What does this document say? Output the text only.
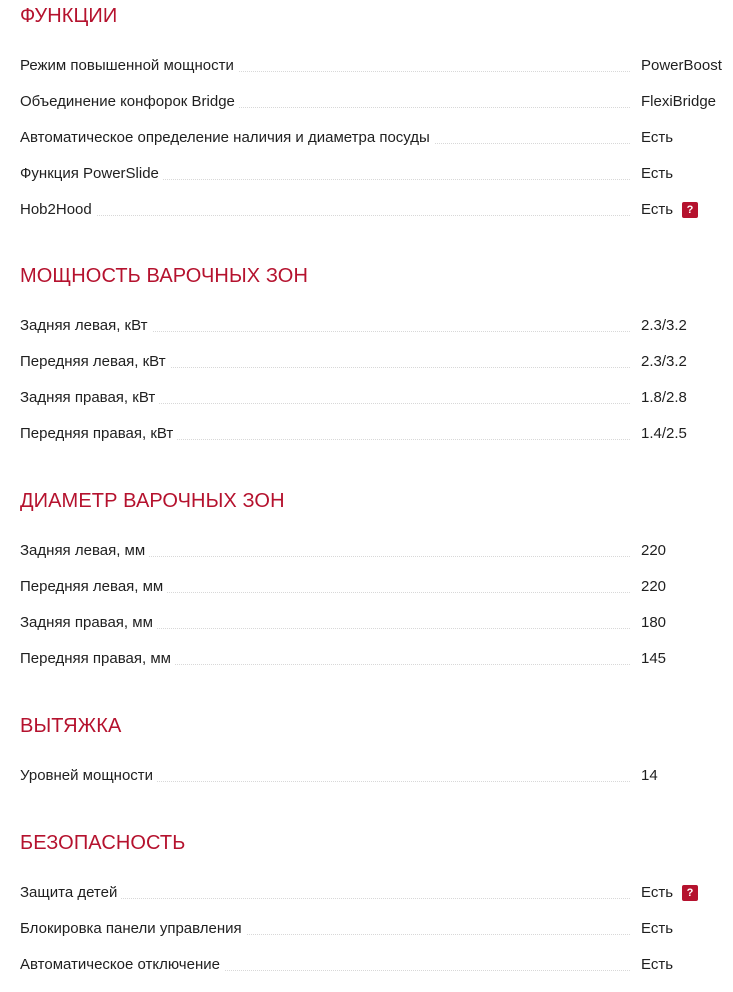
ФУНКЦИИ
Режим повышенной мощности	PowerBoost
Объединение конфорок Bridge	FlexiBridge
Автоматическое определение наличия и диаметра посуды	Есть
Функция PowerSlide	Есть
Hob2Hood	Есть	?
МОЩНОСТЬ ВАРОЧНЫХ ЗОН
Задняя левая, кВт	2.3/3.2
Передняя левая, кВт	2.3/3.2
Задняя правая, кВт	1.8/2.8
Передняя правая, кВт	1.4/2.5
ДИАМЕТР ВАРОЧНЫХ ЗОН
Задняя левая, мм	220
Передняя левая, мм	220
Задняя правая, мм	180
Передняя правая, мм	145
ВЫТЯЖКА
Уровней мощности	14
БЕЗОПАСНОСТЬ
Защита детей	Есть	?
Блокировка панели управления	Есть
Автоматическое отключение	Есть
